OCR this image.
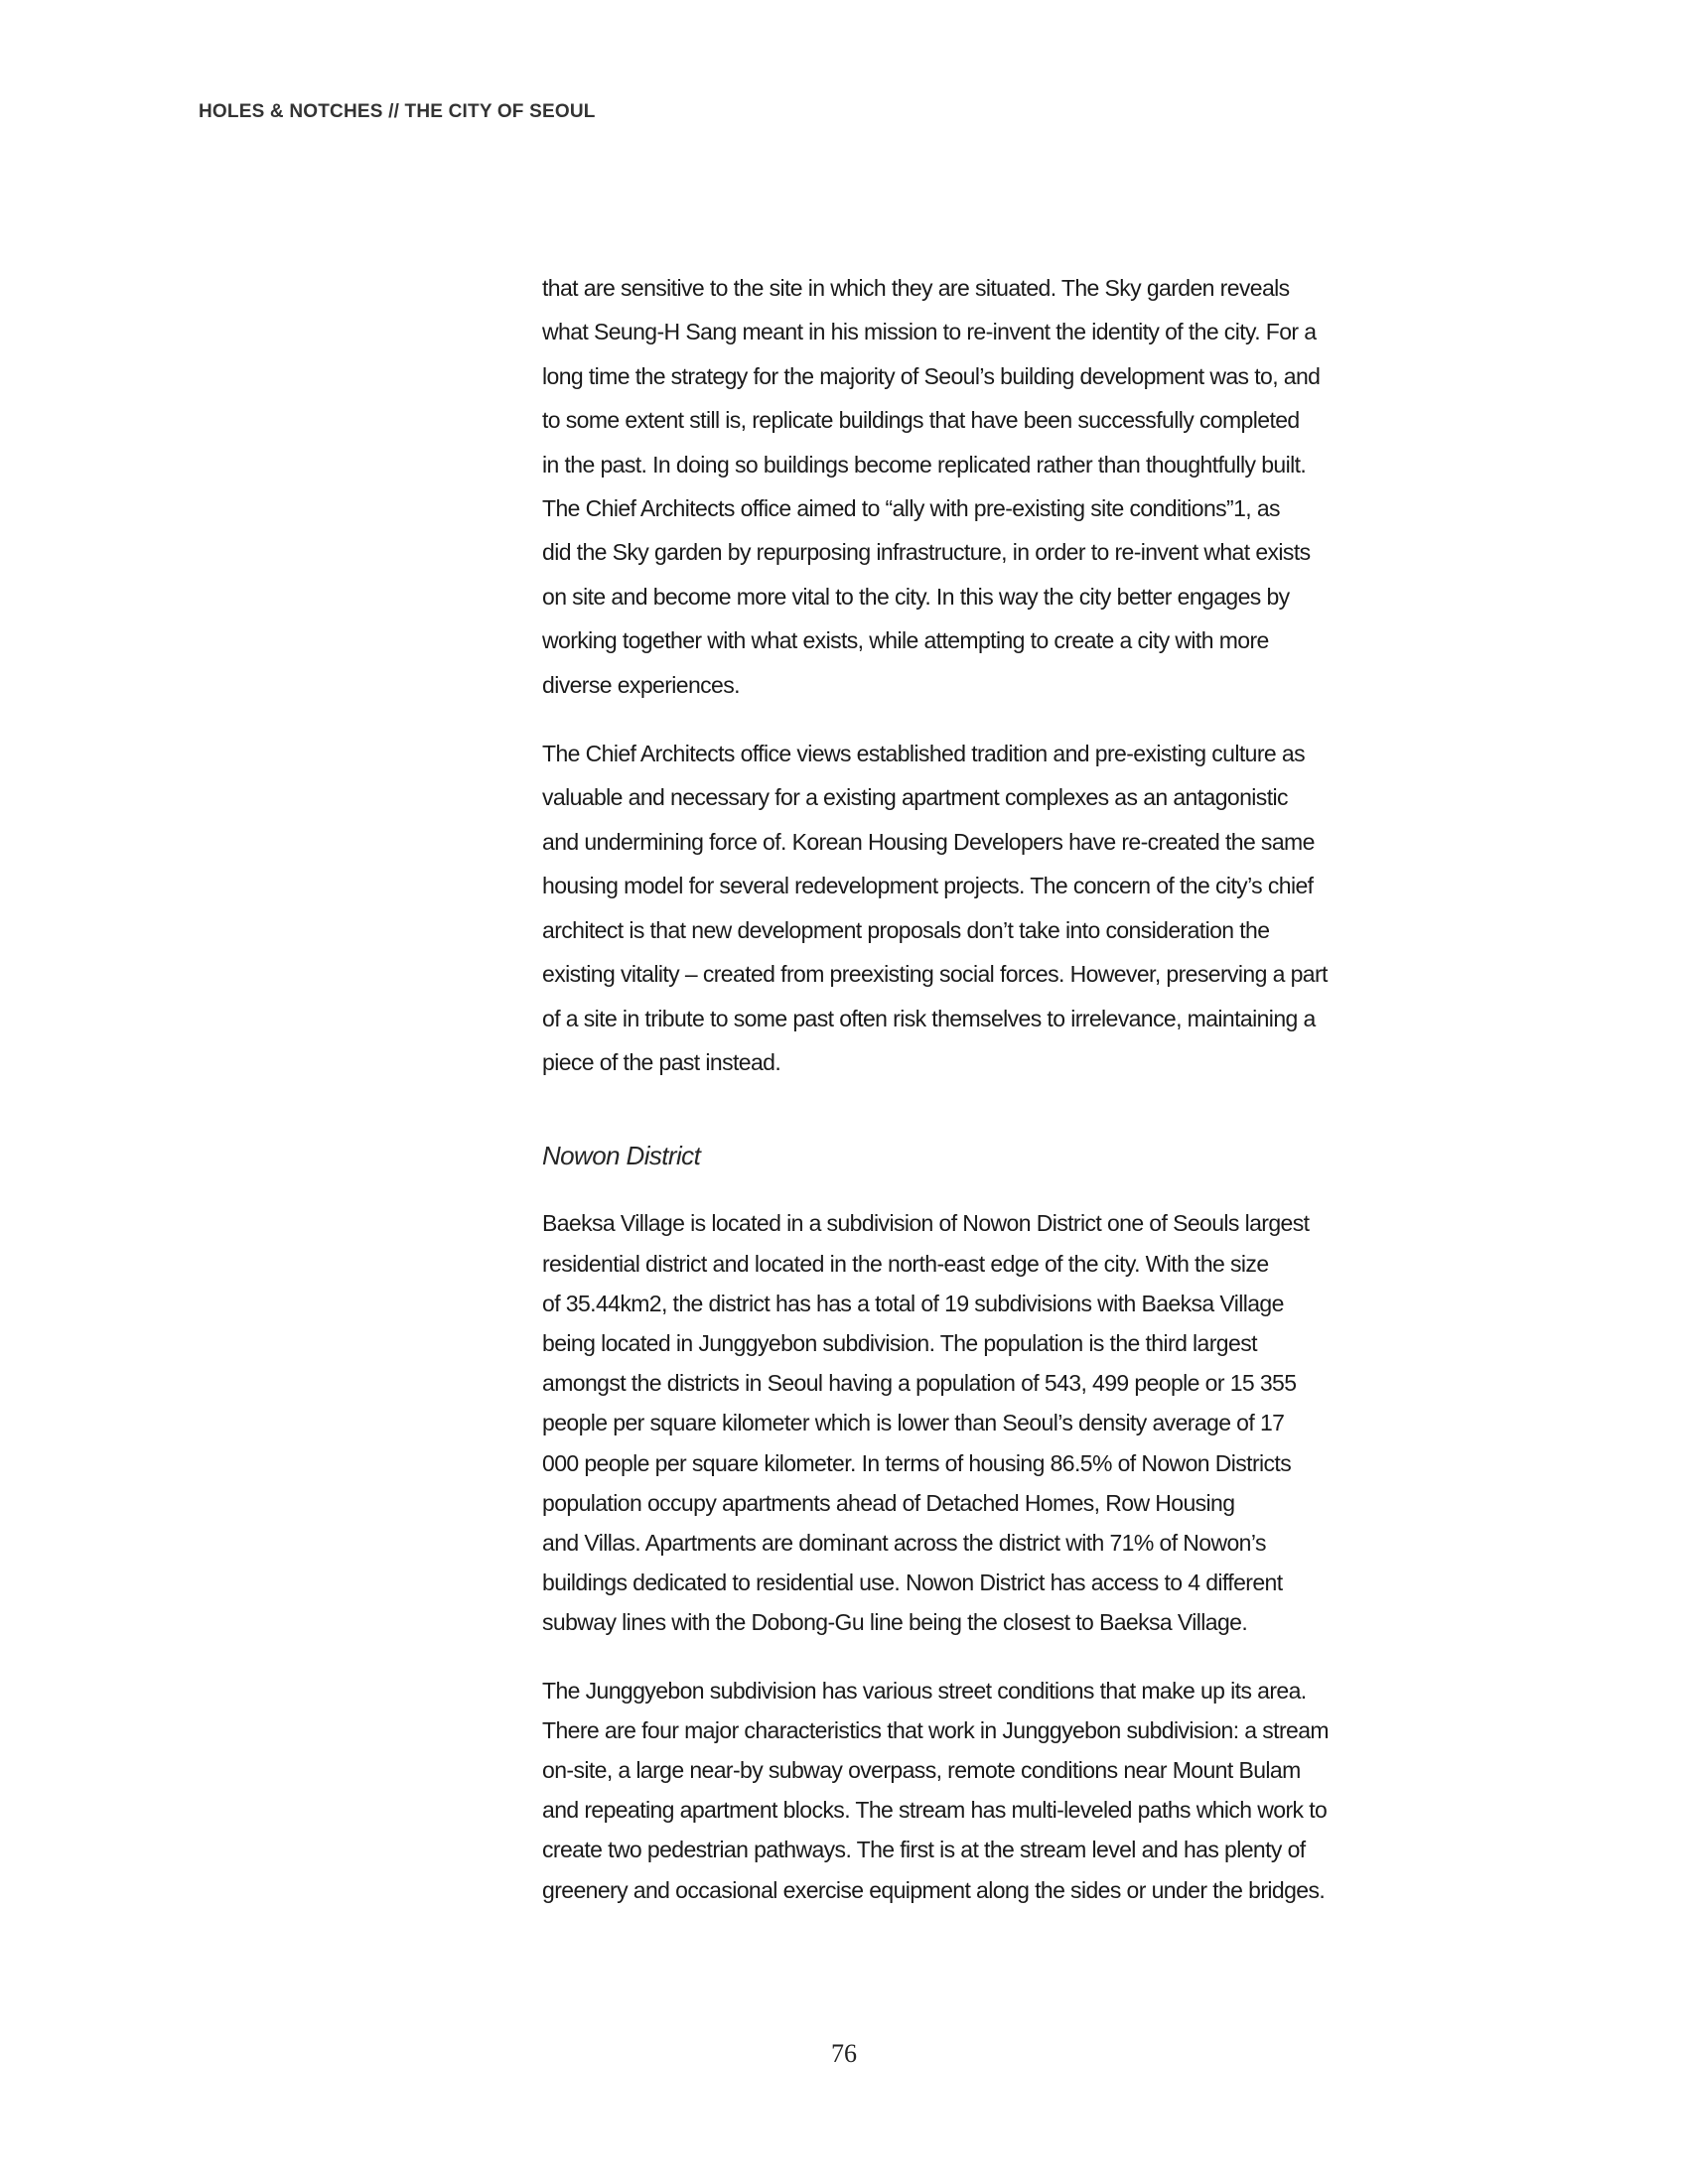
HOLES & NOTCHES // THE CITY OF SEOUL

that are sensitive to the site in which they are situated. The Sky garden reveals
what Seung-H Sang meant in his mission to re-invent the identity of the city. For a
long time the strategy for the majority of Seoul’s building development was to, and
to some extent still is, replicate buildings that have been successfully completed
in the past. In doing so buildings become replicated rather than thoughtfully built.
The Chief Architects office aimed to “ally with pre-existing site conditions”1, as
did the Sky garden by repurposing infrastructure, in order to re-invent what exists
on site and become more vital to the city. In this way the city better engages by
working together with what exists, while attempting to create a city with more
diverse experiences.

The Chief Architects office views established tradition and pre-existing culture as
valuable and necessary for a existing apartment complexes as an antagonistic
and undermining force of. Korean Housing Developers have re-created the same
housing model for several redevelopment projects. The concern of the city’s chief
architect is that new development proposals don’t take into consideration the
existing vitality – created from preexisting social forces. However, preserving a part
of a site in tribute to some past often risk themselves to irrelevance, maintaining a
piece of the past instead.

Nowon District

Baeksa Village is located in a subdivision of Nowon District one of Seouls largest
residential district and located in the north-east edge of the city. With the size
of 35.44km2, the district has has a total of 19 subdivisions with Baeksa Village
being located in Junggyebon subdivision. The population is the third largest
amongst the districts in Seoul having a population of 543, 499 people or 15 355
people per square kilometer which is lower than Seoul’s density average of 17
000 people per square kilometer. In terms of housing 86.5% of Nowon Districts
population occupy apartments ahead of Detached Homes, Row Housing
and Villas. Apartments are dominant across the district with 71% of Nowon’s
buildings dedicated to residential use. Nowon District has access to 4 different
subway lines with the Dobong-Gu line being the closest to Baeksa Village.

The Junggyebon subdivision has various street conditions that make up its area.
There are four major characteristics that work in Junggyebon subdivision: a stream
on-site, a large near-by subway overpass, remote conditions near Mount Bulam
and repeating apartment blocks. The stream has multi-leveled paths which work to
create two pedestrian pathways. The first is at the stream level and has plenty of
greenery and occasional exercise equipment along the sides or under the bridges.

76
